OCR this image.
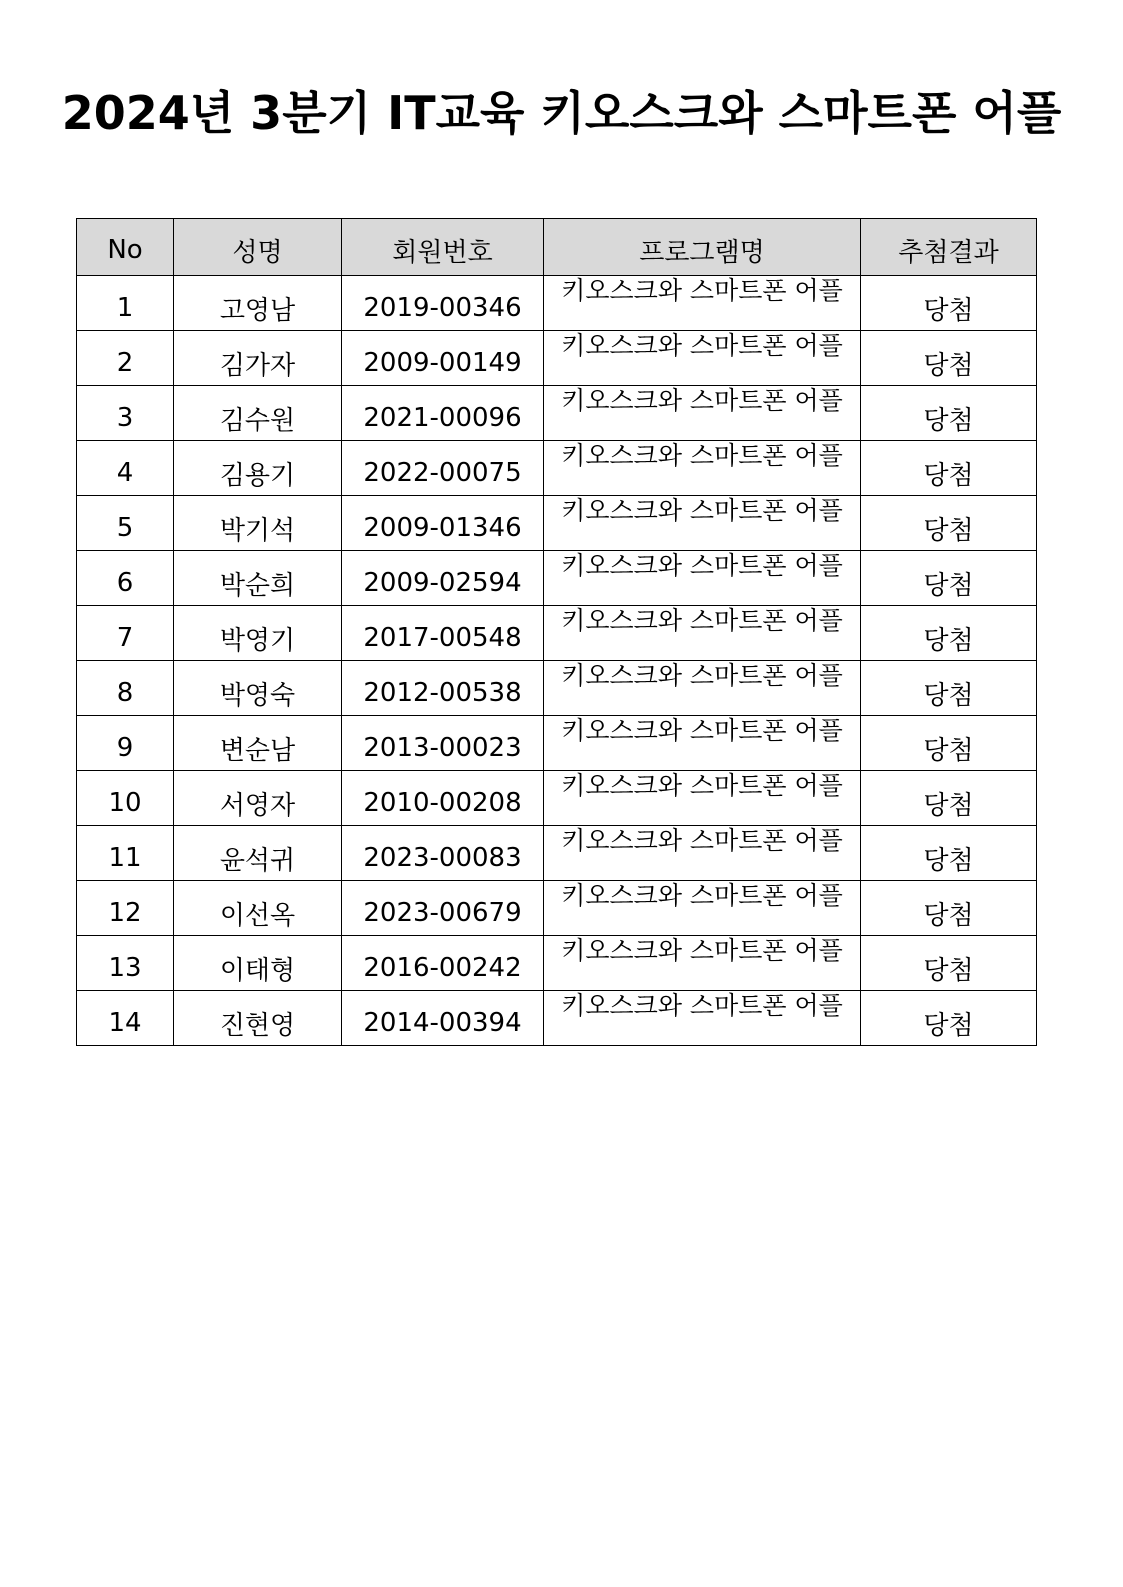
2024년 3분기 IT교육 키오스크와 스마트폰 어플
No	성명	회원번호	프로그램명	추첨결과
1	고영남	2019-00346	키오스크와 스마트폰 어플	당첨
2	김가자	2009-00149	키오스크와 스마트폰 어플	당첨
3	김수원	2021-00096	키오스크와 스마트폰 어플	당첨
4	김용기	2022-00075	키오스크와 스마트폰 어플	당첨
5	박기석	2009-01346	키오스크와 스마트폰 어플	당첨
6	박순희	2009-02594	키오스크와 스마트폰 어플	당첨
7	박영기	2017-00548	키오스크와 스마트폰 어플	당첨
8	박영숙	2012-00538	키오스크와 스마트폰 어플	당첨
9	변순남	2013-00023	키오스크와 스마트폰 어플	당첨
10	서영자	2010-00208	키오스크와 스마트폰 어플	당첨
11	윤석귀	2023-00083	키오스크와 스마트폰 어플	당첨
12	이선옥	2023-00679	키오스크와 스마트폰 어플	당첨
13	이태형	2016-00242	키오스크와 스마트폰 어플	당첨
14	진현영	2014-00394	키오스크와 스마트폰 어플	당첨
